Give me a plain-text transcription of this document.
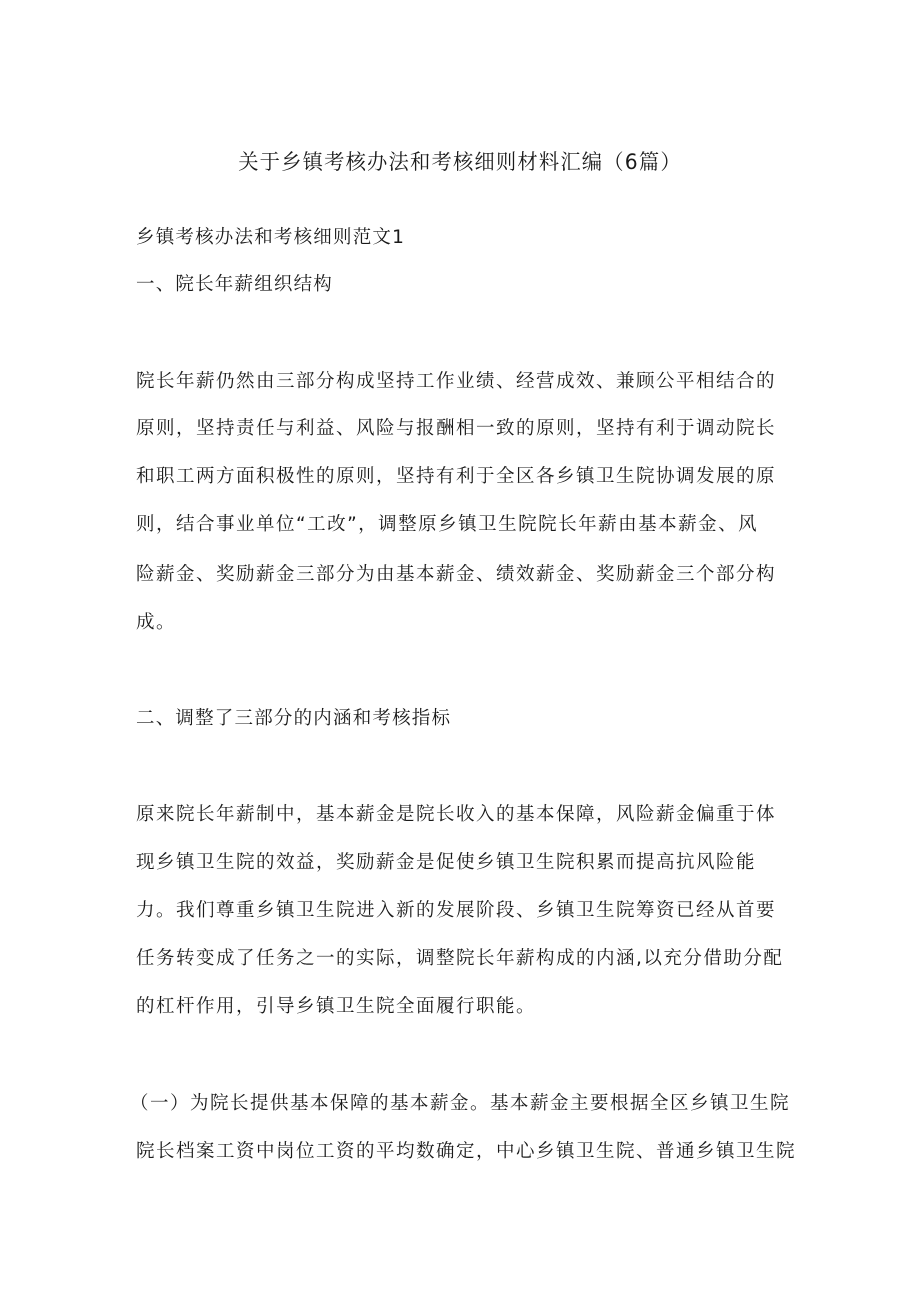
关于乡镇考核办法和考核细则材料汇编（6篇）
乡镇考核办法和考核细则范文1
一、院长年薪组织结构
院长年薪仍然由三部分构成坚持工作业绩、经营成效、兼顾公平相结合的
原则，坚持责任与利益、风险与报酬相一致的原则，坚持有利于调动院长
和职工两方面积极性的原则，坚持有利于全区各乡镇卫生院协调发展的原
则，结合事业单位“工改”，调整原乡镇卫生院院长年薪由基本薪金、风
险薪金、奖励薪金三部分为由基本薪金、绩效薪金、奖励薪金三个部分构
成。
二、调整了三部分的内涵和考核指标
原来院长年薪制中，基本薪金是院长收入的基本保障，风险薪金偏重于体
现乡镇卫生院的效益，奖励薪金是促使乡镇卫生院积累而提高抗风险能
力。我们尊重乡镇卫生院进入新的发展阶段、乡镇卫生院筹资已经从首要
任务转变成了任务之一的实际，调整院长年薪构成的内涵,以充分借助分配
的杠杆作用，引导乡镇卫生院全面履行职能。
（一）为院长提供基本保障的基本薪金。基本薪金主要根据全区乡镇卫生院
院长档案工资中岗位工资的平均数确定，中心乡镇卫生院、普通乡镇卫生院
